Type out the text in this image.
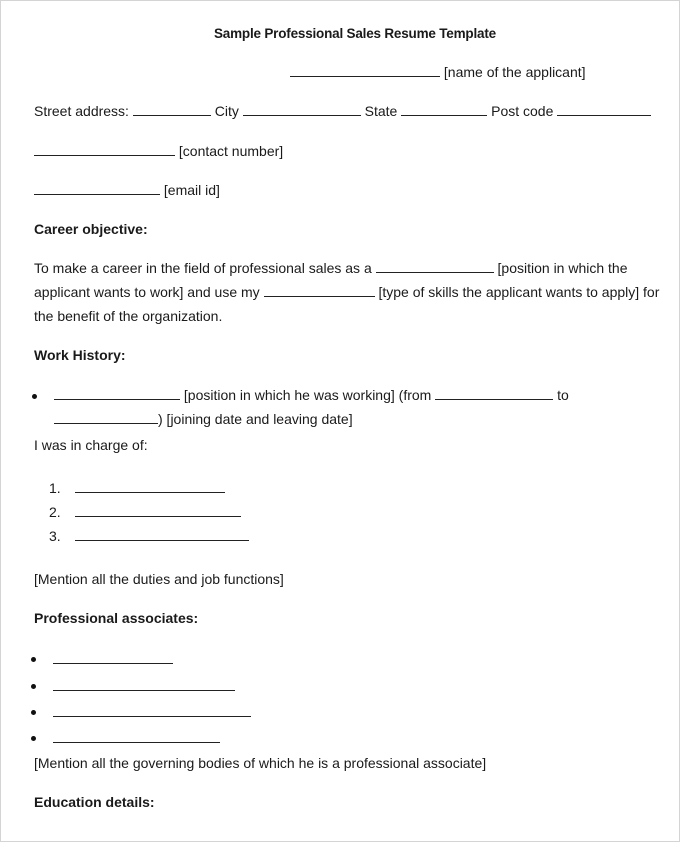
Sample Professional Sales Resume Template
[name of the applicant]
Street address:	City	State	Post code
[contact number]
[email id]
Career objective:
To make a career in the field of professional sales as a	[position in which the
applicant wants to work] and use my	[type of skills the applicant wants to apply] for
the benefit of the organization.
Work History:
[position in which he was working] (from	to
) [joining date and leaving date]
I was in charge of:
1.
2.
3.
[Mention all the duties and job functions]
Professional associates:
[Mention all the governing bodies of which he is a professional associate]
Education details:
